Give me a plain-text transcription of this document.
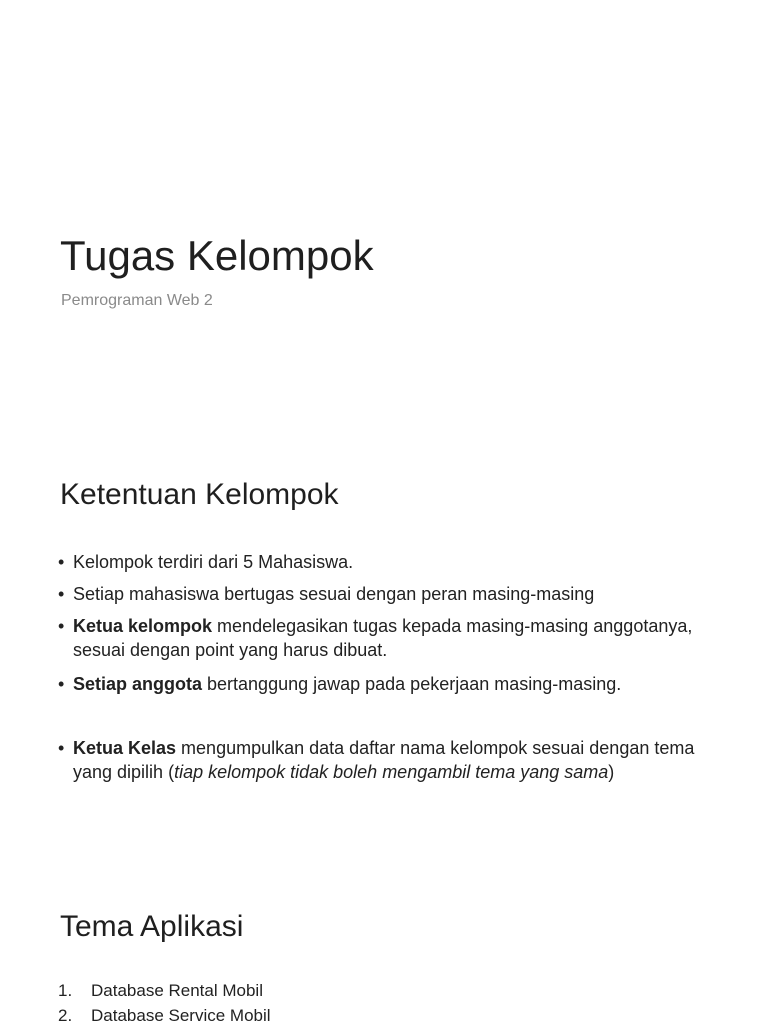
Tugas Kelompok

Pemrograman Web 2

Ketentuan Kelompok
• Kelompok terdiri dari 5 Mahasiswa.
• Setiap mahasiswa bertugas sesuai dengan peran masing-masing
• Ketua kelompok mendelegasikan tugas kepada masing-masing anggotanya, sesuai dengan point yang harus dibuat.
• Setiap anggota bertanggung jawap pada pekerjaan masing-masing.
• Ketua Kelas mengumpulkan data daftar nama kelompok sesuai dengan tema yang dipilih (tiap kelompok tidak boleh mengambil tema yang sama)
Tema Aplikasi
1. Database Rental Mobil
2. Database Service Mobil
